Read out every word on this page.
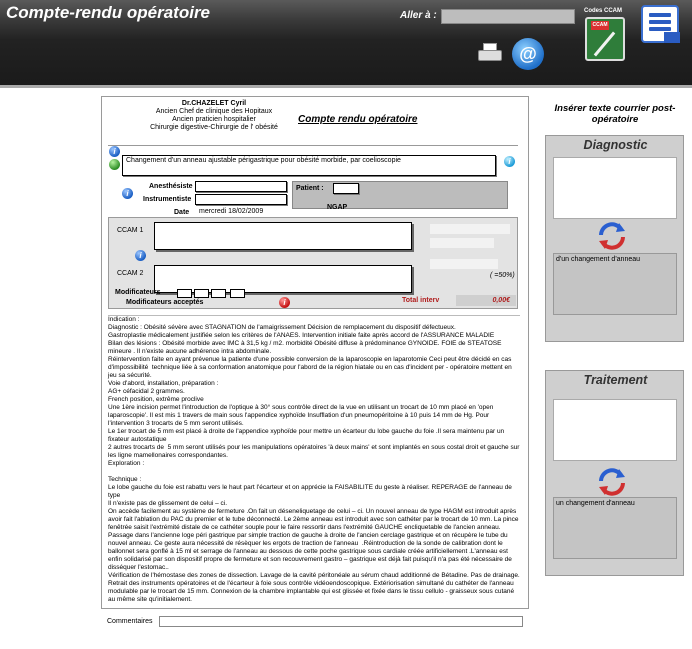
Compte-rendu opératoire	Aller à :	Codes CCAM
CCAM
@
Dr.CHAZELET Cyril
Ancien Chef de clinique des Hopitaux
Ancien praticien hospitalier
Chirurgie digestive-Chirurgie de l' obésité
Compte rendu opératoire
i
Changement d'un anneau ajustable périgastrique pour obésité morbide, par coelioscopie	i
i
Anesthésiste
Instrumentiste
Date mercredi 18/02/2009
Patient :
NGAP
CCAM 1
i
CCAM 2	( =50%)
Modificateurs
Modificateurs acceptés	i	Total interv	0,00€
Indication :
Diagnostic : Obésité sévère avec STAGNATION de l'amaigrissement Décision de remplacement du dispositif défectueux.
Gastroplastie médicalement justifiée selon les critères de l'ANAES. Intervention initiale faite après accord de l'ASSURANCE MALADIE
Bilan des lésions : Obésité morbide avec IMC à 31,5 kg / m2. morbidité Obésité diffuse à prédominance GYNOIDE. FOIE de STEATOSE mineure . Il n'existe aucune adhérence intra abdominale.
Réintervention faite en ayant prévenue la patiente d'une possible conversion de la laparoscopie en laparotomie Ceci peut être décidé en cas d'impossibilité  technique liée à sa conformation anatomique pour l'abord de la région hiatale ou en cas d'incident per - opératoire mettent en jeu sa sécurité.
Voie d'abord, installation, préparation :
AG+ céfacidal 2 grammes.
French position, extrême proclive
Une 1ère incision permet l'introduction de l'optique à 30° sous contrôle direct de la vue en utilisant un trocart de 10 mm placé en 'open laparoscopie'. Il est mis 1 travers de main sous l'appendice xyphoïde Insufflation d'un pneumopéritoine à 10 puis 14 mm de Hg. Pour l'intervention 3 trocarts de 5 mm seront utilisés.
Le 1er trocart de 5 mm est placé à droite de l'appendice xyphoïde pour mettre un écarteur du lobe gauche du foie .Il sera maintenu par un fixateur autostatique
2 autres trocarts de  5 mm seront utilisés pour les manipulations opératoires 'à deux mains' et sont implantés en sous costal droit et gauche sur les ligne mamellonaires correspondantes.
Exploration :

Technique :
Le lobe gauche du foie est rabattu vers le haut part l'écarteur et on apprécie la FAISABILITE du geste à réaliser. REPERAGE de l'anneau de type
Il n'existe pas de glissement de celui – ci.
On accède facilement au système de fermeture .On fait un déseneliquetage de celui – ci. Un nouvel anneau de type HAGM est introduit après avoir fait l'ablation du PAC du premier et le tube déconnecté. Le 2ème anneau est introduit avec son cathéter par le trocart de 10 mm. La pince fenêtrée saisit l'extrémité distale de ce cathéter souple pour le faire ressortir dans l'extrémité GAUCHE encliquetable de l'ancien anneau. Passage dans l'ancienne loge péri gastrique par simple traction de gauche à droite de l'ancien cerclage gastrique et on récupère le tube du nouvel anneau. Ce geste aura nécessité de résèquer les ergots de traction de l'anneau  .Réintroduction de la sonde de calibration dont le ballonnet sera gonflé à 15 ml et serrage de l'anneau au dessous de cette poche gastrique sous cardiale créée artificiellement .L'anneau est enfin solidarisé par son dispositif propre de fermeture et son recouvrement gastro – gastrique est déjà fait puisqu'il n'a pas été nécessaire de disséquer l'estomac..
Vérification de l'hémostase des zones de dissection. Lavage de la cavité péritonéale au sérum chaud additionné de Bétadine. Pas de drainage. Retrait des instruments opératoires et de l'écarteur à foie sous contrôle vidéoendoscopique. Extériorisation simultané du cathéter de l'anneau modulable par le trocart de 15 mm. Connexion de la chambre implantable qui est glissée et fixée dans le tissu cellulo - graisseux sous cutané au même site qu'initialement.
Commentaires
Insérer texte courrier post-opératoire
Diagnostic
d'un changement d'anneau
Traitement
un changement d'anneau
